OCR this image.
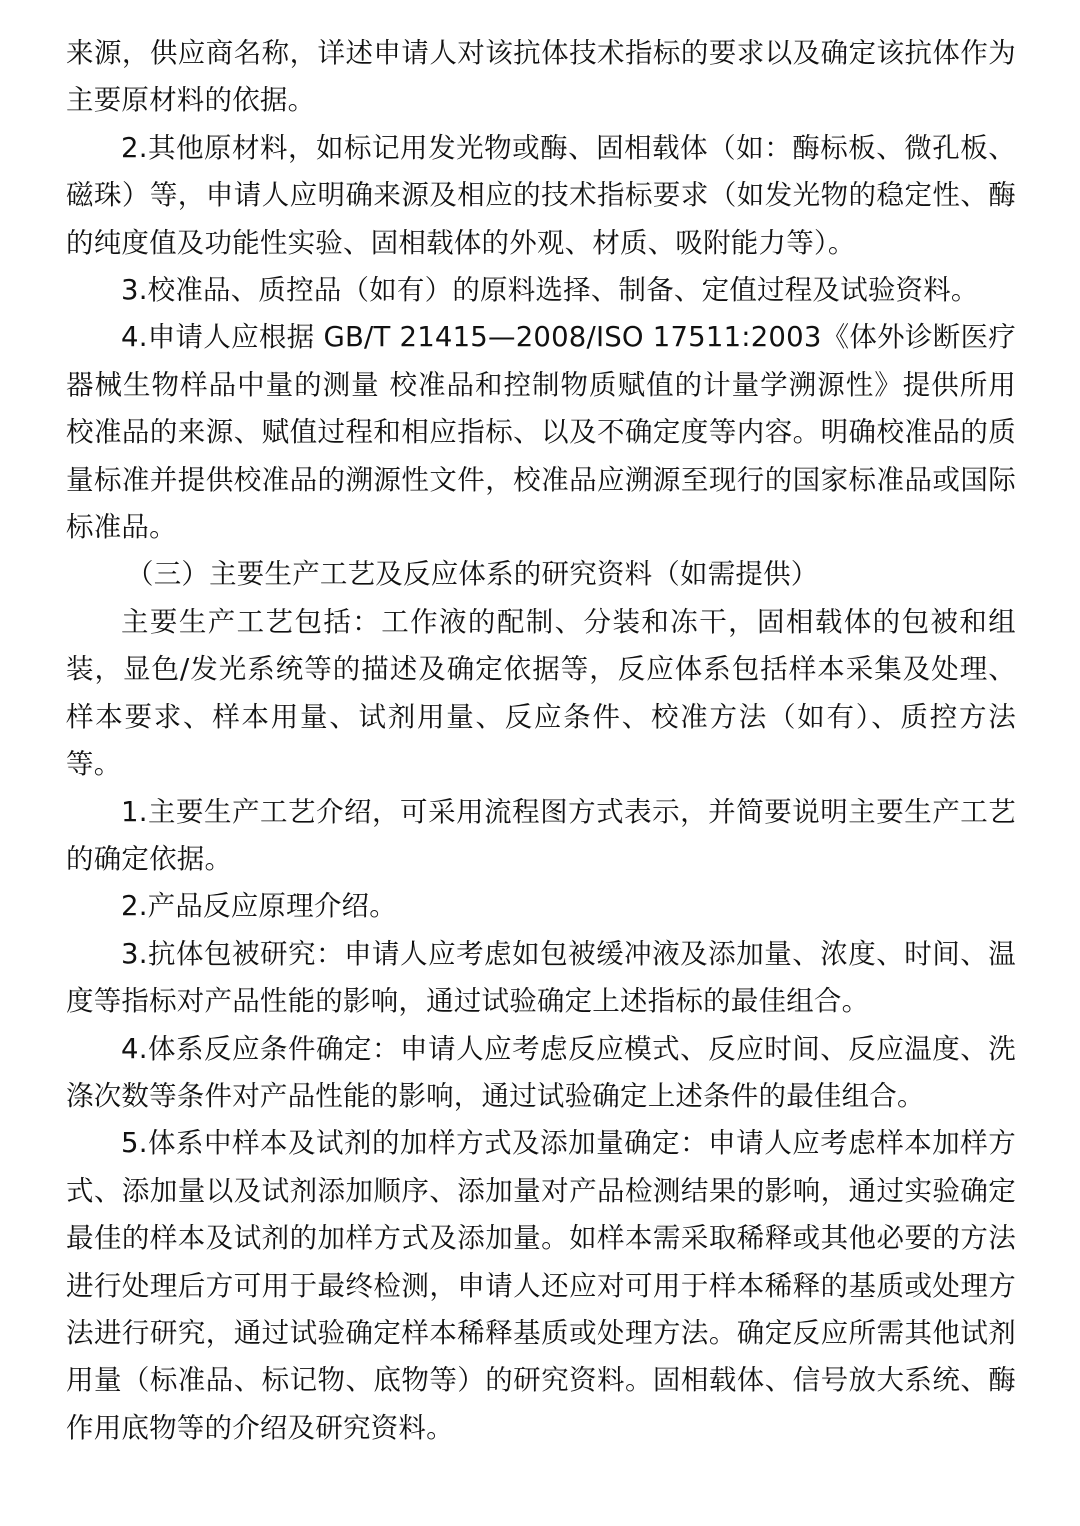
来源，供应商名称，详述申请人对该抗体技术指标的要求以及确定该抗体作为主要原材料的依据。

2.其他原材料，如标记用发光物或酶、固相载体（如：酶标板、微孔板、磁珠）等，申请人应明确来源及相应的技术指标要求（如发光物的稳定性、酶的纯度值及功能性实验、固相载体的外观、材质、吸附能力等）。

3.校准品、质控品（如有）的原料选择、制备、定值过程及试验资料。

4.申请人应根据 GB/T 21415—2008/ISO 17511:2003《体外诊断医疗器械生物样品中量的测量 校准品和控制物质赋值的计量学溯源性》提供所用校准品的来源、赋值过程和相应指标、以及不确定度等内容。明确校准品的质量标准并提供校准品的溯源性文件，校准品应溯源至现行的国家标准品或国际标准品。

（三）主要生产工艺及反应体系的研究资料（如需提供）

主要生产工艺包括：工作液的配制、分装和冻干，固相载体的包被和组装，显色/发光系统等的描述及确定依据等，反应体系包括样本采集及处理、样本要求、样本用量、试剂用量、反应条件、校准方法（如有）、质控方法等。

1.主要生产工艺介绍，可采用流程图方式表示，并简要说明主要生产工艺的确定依据。

2.产品反应原理介绍。

3.抗体包被研究：申请人应考虑如包被缓冲液及添加量、浓度、时间、温度等指标对产品性能的影响，通过试验确定上述指标的最佳组合。

4.体系反应条件确定：申请人应考虑反应模式、反应时间、反应温度、洗涤次数等条件对产品性能的影响，通过试验确定上述条件的最佳组合。

5.体系中样本及试剂的加样方式及添加量确定：申请人应考虑样本加样方式、添加量以及试剂添加顺序、添加量对产品检测结果的影响，通过实验确定最佳的样本及试剂的加样方式及添加量。如样本需采取稀释或其他必要的方法进行处理后方可用于最终检测，申请人还应对可用于样本稀释的基质或处理方法进行研究，通过试验确定样本稀释基质或处理方法。确定反应所需其他试剂用量（标准品、标记物、底物等）的研究资料。固相载体、信号放大系统、酶作用底物等的介绍及研究资料。
